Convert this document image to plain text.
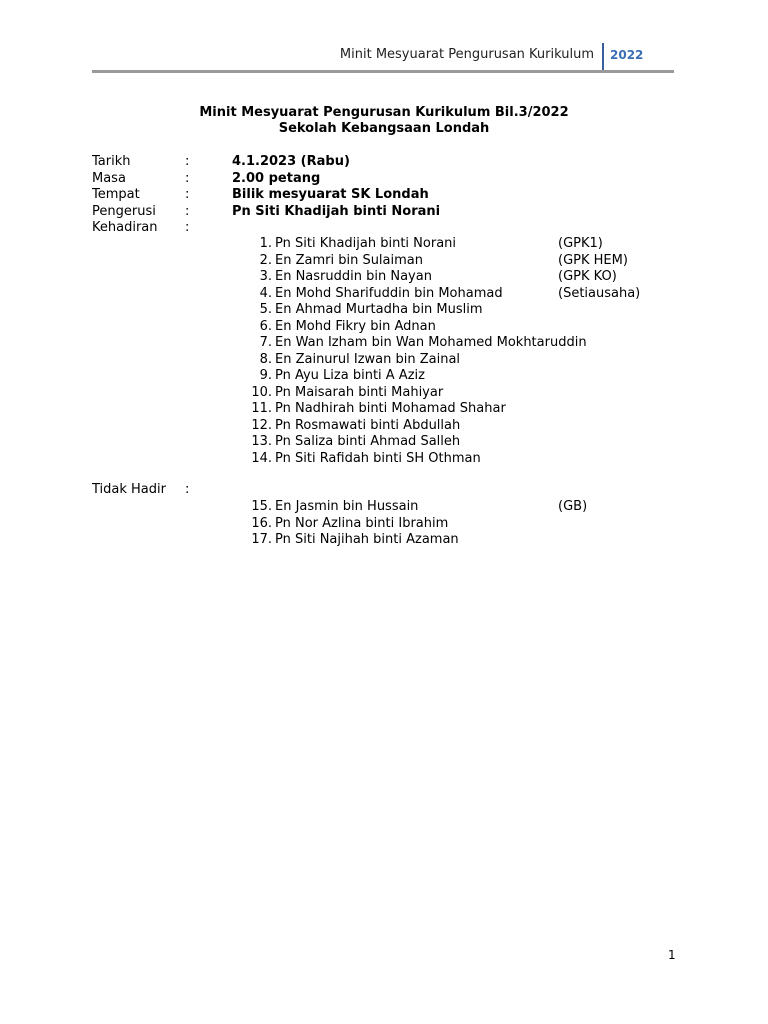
Minit Mesyuarat Pengurusan Kurikulum 2022
Minit Mesyuarat Pengurusan Kurikulum Bil.3/2022
Sekolah Kebangsaan Londah
Tarikh	:	4.1.2023 (Rabu)
Masa	:	2.00 petang
Tempat	:	Bilik mesyuarat SK Londah
Pengerusi :	Pn Siti Khadijah binti Norani
Kehadiran :
1. Pn Siti Khadijah binti Norani	(GPK1)
2. En Zamri bin Sulaiman	(GPK HEM)
3. En Nasruddin bin Nayan	(GPK KO)
4. En Mohd Sharifuddin bin Mohamad	(Setiausaha)
5. En Ahmad Murtadha bin Muslim
6. En Mohd Fikry bin Adnan
7. En Wan Izham bin Wan Mohamed Mokhtaruddin
8. En Zainurul Izwan bin Zainal
9. Pn Ayu Liza binti A Aziz
10. Pn Maisarah binti Mahiyar
11. Pn Nadhirah binti Mohamad Shahar
12. Pn Rosmawati binti Abdullah
13. Pn Saliza binti Ahmad Salleh
14. Pn Siti Rafidah binti SH Othman
Tidak Hadir :
15. En Jasmin bin Hussain	(GB)
16. Pn Nor Azlina binti Ibrahim
17. Pn Siti Najihah binti Azaman
1
